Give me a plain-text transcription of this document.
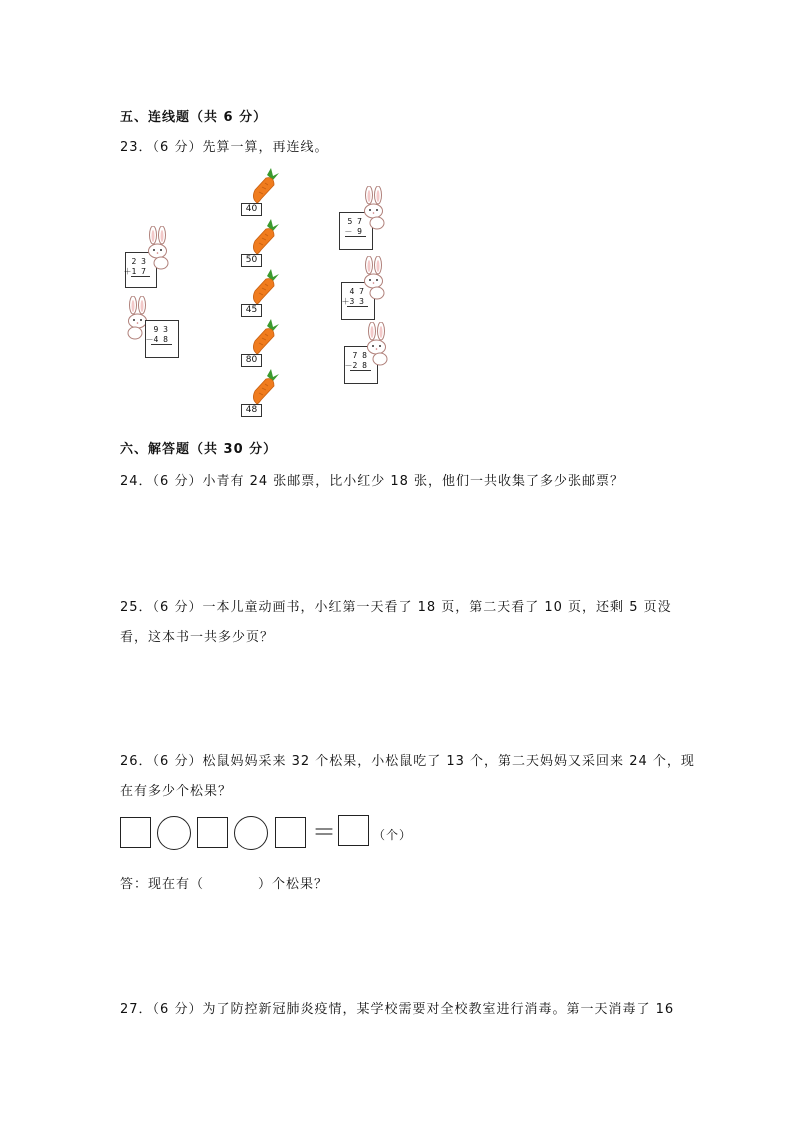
五、连线题（共 6 分）
23．（6 分）先算一算，再连线。
40
50
45
80
48
2 3
＋1 7
9 3
－4 8
5 7
－ 9
4 7
＋3 3
7 8
－2 8
六、解答题（共 30 分）
24．（6 分）小青有 24 张邮票，比小红少 18 张，他们一共收集了多少张邮票？
25．（6 分）一本儿童动画书，小红第一天看了 18 页，第二天看了 10 页，还剩 5 页没
看，这本书一共多少页？
26．（6 分）松鼠妈妈采来 32 个松果，小松鼠吃了 13 个，第二天妈妈又采回来 24 个，现
在有多少个松果？
＝	（个）
答：现在有（	）个松果？
27．（6 分）为了防控新冠肺炎疫情，某学校需要对全校教室进行消毒。第一天消毒了 16
